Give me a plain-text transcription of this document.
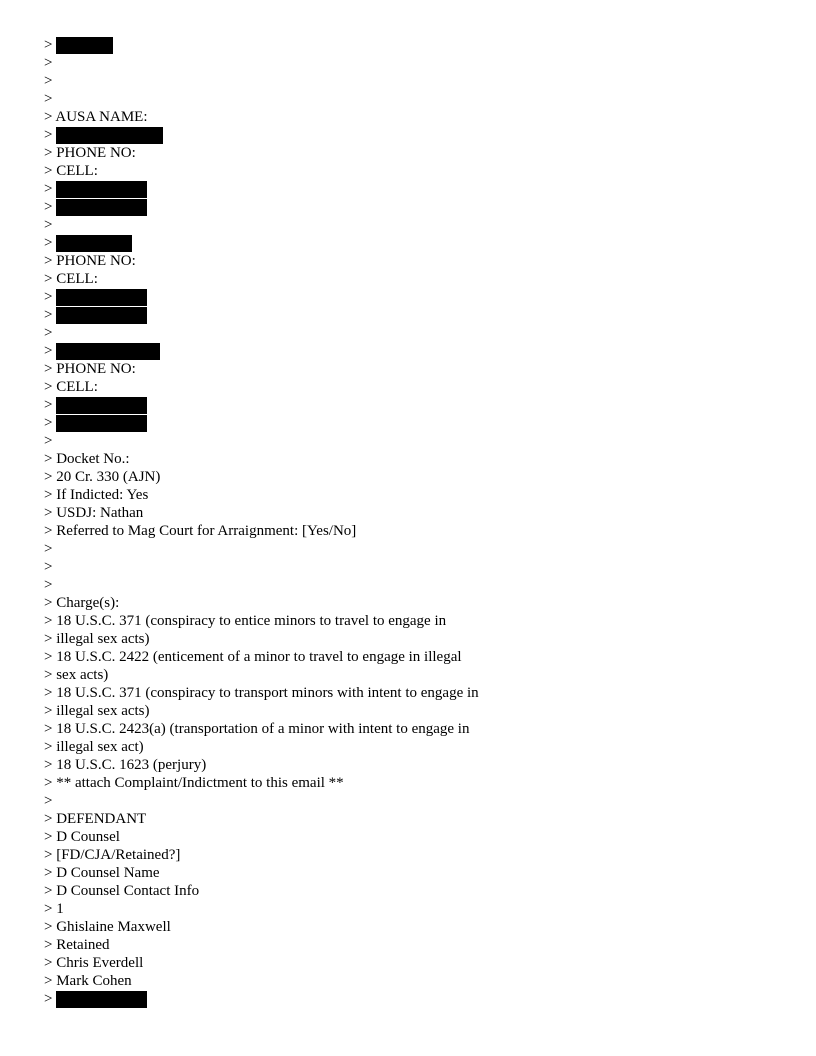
>
>
>
>
> AUSA NAME:
>
> PHONE NO:
> CELL:
>
>
>
>
> PHONE NO:
> CELL:
>
>
>
>
> PHONE NO:
> CELL:
>
>
>
> Docket No.:
> 20 Cr. 330 (AJN)
> If Indicted: Yes
> USDJ: Nathan
> Referred to Mag Court for Arraignment: [Yes/No]
>
>
>
> Charge(s):
> 18 U.S.C. 371 (conspiracy to entice minors to travel to engage in
> illegal sex acts)
> 18 U.S.C. 2422 (enticement of a minor to travel to engage in illegal
> sex acts)
> 18 U.S.C. 371 (conspiracy to transport minors with intent to engage in
> illegal sex acts)
> 18 U.S.C. 2423(a) (transportation of a minor with intent to engage in
> illegal sex act)
> 18 U.S.C. 1623 (perjury)
> ** attach Complaint/Indictment to this email **
>
> DEFENDANT
> D Counsel
> [FD/CJA/Retained?]
> D Counsel Name
> D Counsel Contact Info
> 1
> Ghislaine Maxwell
> Retained
> Chris Everdell
> Mark Cohen
>
